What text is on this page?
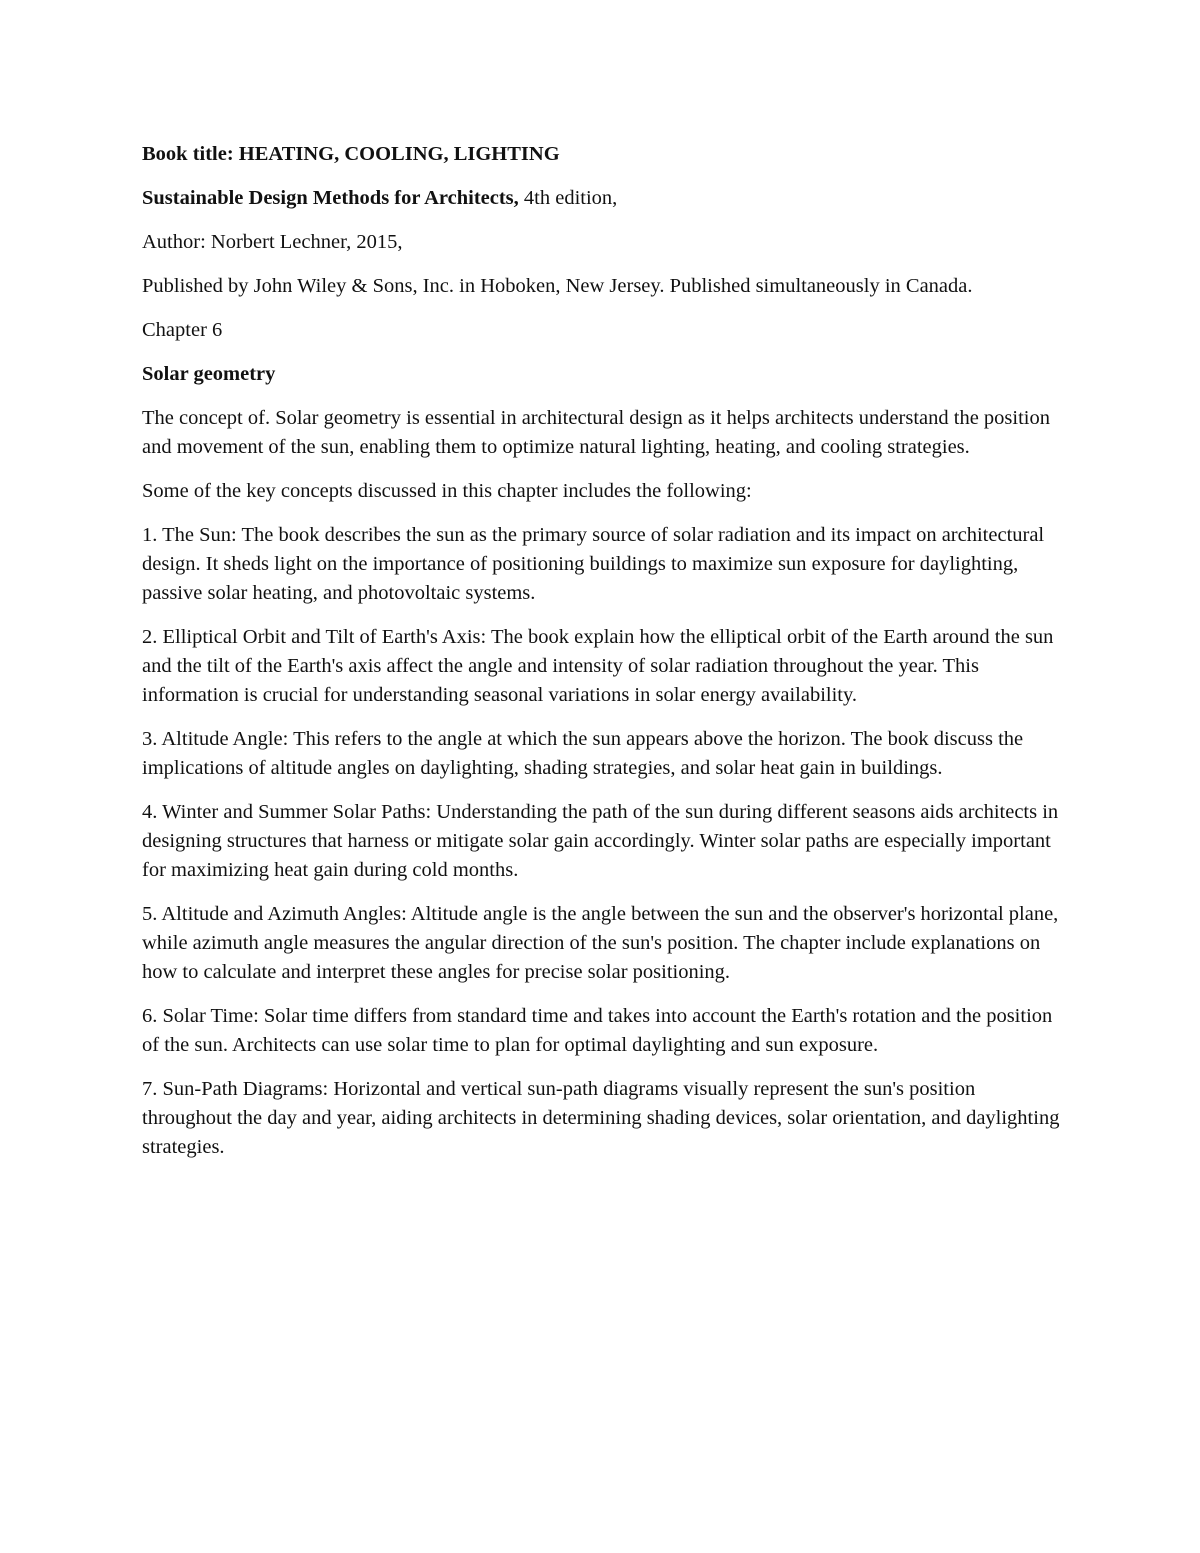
Book title: HEATING, COOLING, LIGHTING

Sustainable Design Methods for Architects, 4th edition,

Author: Norbert Lechner, 2015,

Published by John Wiley & Sons, Inc. in Hoboken, New Jersey. Published simultaneously in Canada.

Chapter 6

Solar geometry

The concept of. Solar geometry is essential in architectural design as it helps architects understand the position and movement of the sun, enabling them to optimize natural lighting, heating, and cooling strategies.

Some of the key concepts discussed in this chapter includes the following:

1. The Sun: The book describes the sun as the primary source of solar radiation and its impact on architectural design. It sheds light on the importance of positioning buildings to maximize sun exposure for daylighting, passive solar heating, and photovoltaic systems.

2. Elliptical Orbit and Tilt of Earth's Axis: The book explain how the elliptical orbit of the Earth around the sun and the tilt of the Earth's axis affect the angle and intensity of solar radiation throughout the year. This information is crucial for understanding seasonal variations in solar energy availability.

3. Altitude Angle: This refers to the angle at which the sun appears above the horizon. The book discuss the implications of altitude angles on daylighting, shading strategies, and solar heat gain in buildings.

4. Winter and Summer Solar Paths: Understanding the path of the sun during different seasons aids architects in designing structures that harness or mitigate solar gain accordingly. Winter solar paths are especially important for maximizing heat gain during cold months.

5. Altitude and Azimuth Angles: Altitude angle is the angle between the sun and the observer's horizontal plane, while azimuth angle measures the angular direction of the sun's position. The chapter include explanations on how to calculate and interpret these angles for precise solar positioning.

6. Solar Time: Solar time differs from standard time and takes into account the Earth's rotation and the position of the sun. Architects can use solar time to plan for optimal daylighting and sun exposure.

7. Sun-Path Diagrams: Horizontal and vertical sun-path diagrams visually represent the sun's position throughout the day and year, aiding architects in determining shading devices, solar orientation, and daylighting strategies.
